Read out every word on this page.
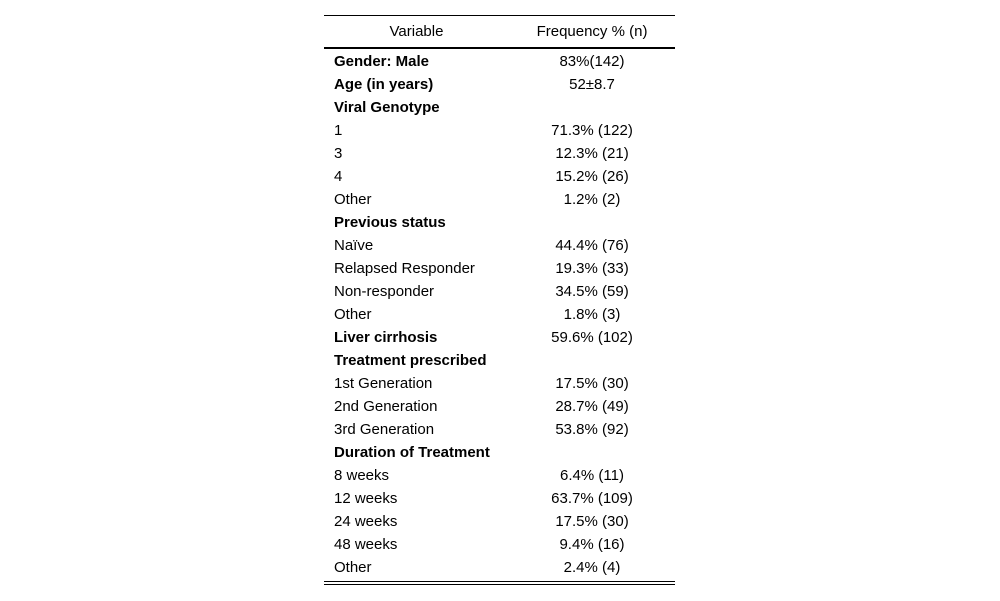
Variable	Frequency % (n)
Gender: Male	83%(142)
Age (in years)	52±8.7
Viral Genotype	
1	71.3% (122)
3	12.3% (21)
4	15.2% (26)
Other	1.2% (2)
Previous status	
Naïve	44.4% (76)
Relapsed Responder	19.3% (33)
Non-responder	34.5% (59)
Other	1.8% (3)
Liver cirrhosis	59.6% (102)
Treatment prescribed	
1st Generation	17.5% (30)
2nd Generation	28.7% (49)
3rd Generation	53.8% (92)
Duration of Treatment	
8 weeks	6.4% (11)
12 weeks	63.7% (109)
24 weeks	17.5% (30)
48 weeks	9.4% (16)
Other	2.4% (4)
